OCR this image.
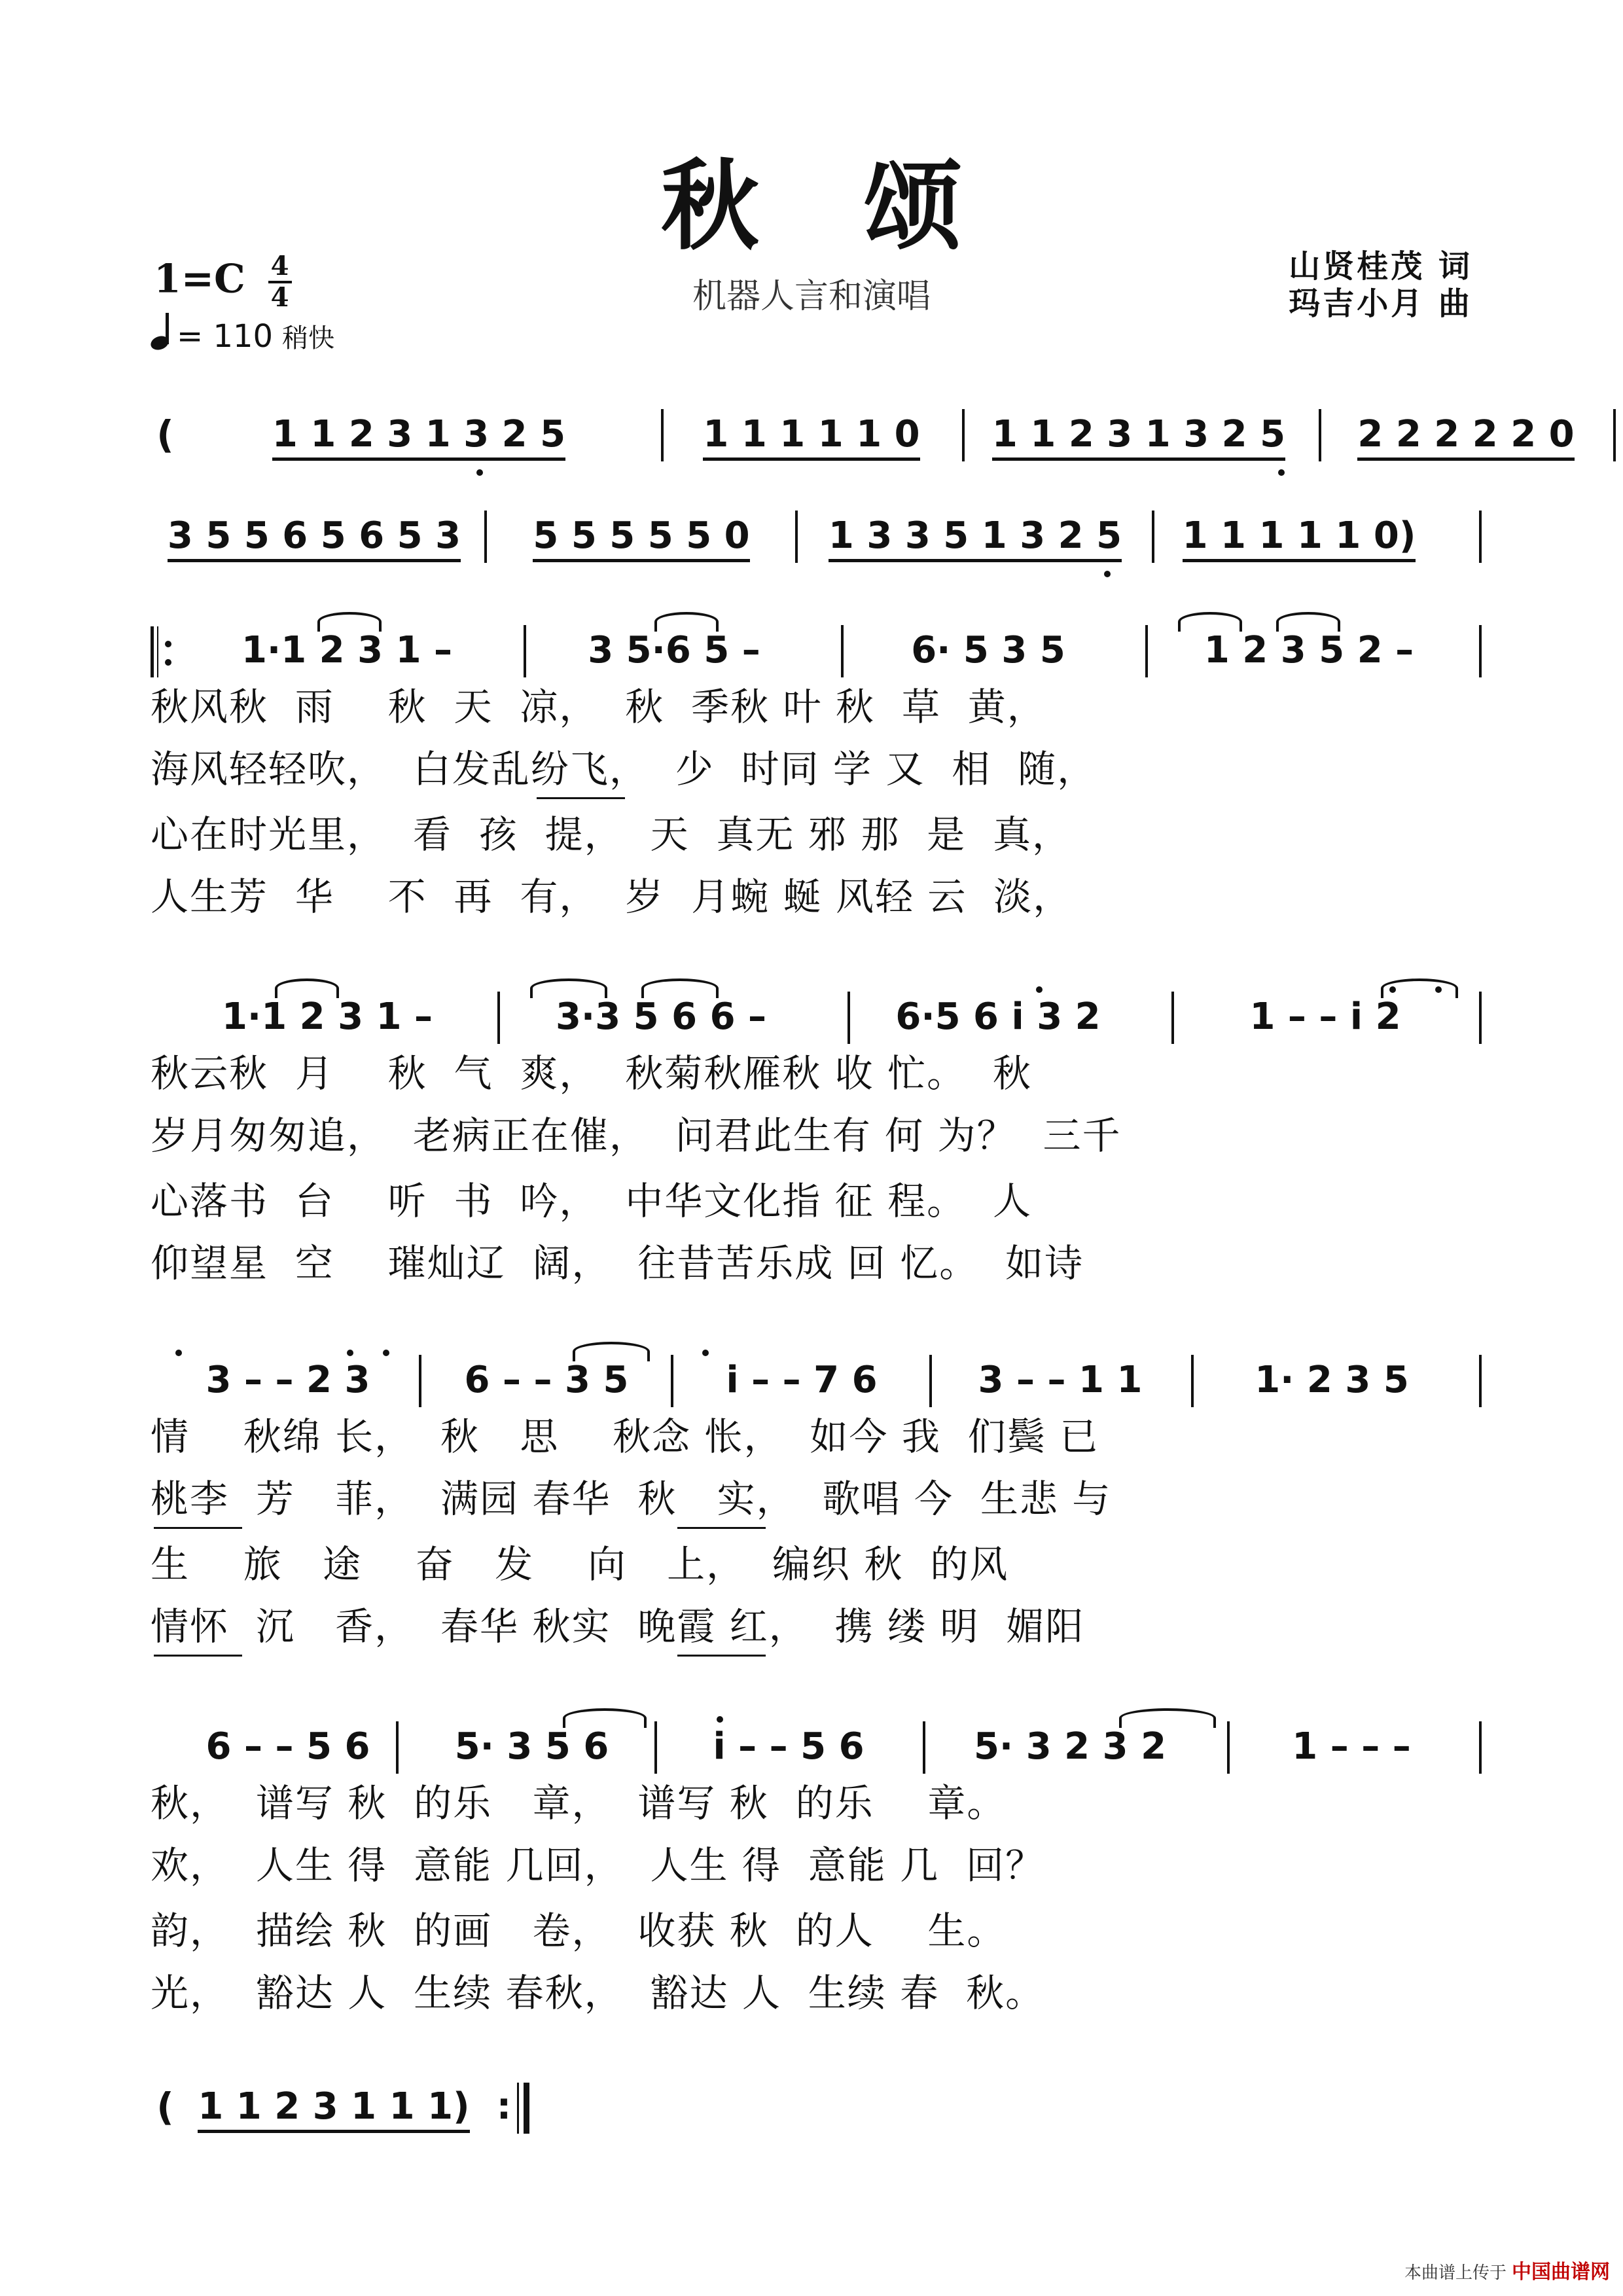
秋颂
机器人言和演唱
山贤桂茂 词
玛吉小月 曲
$1=C \frac{4}{4}$
= 110 稍快
(	1 1 2 3 1 3 2 5	1 1 1 1 1 0 1 1 2 3 1 3 2 5 2 2 2 2 2 0
3 5 5 6 5 6 5 3 5 5 5 5 5 0 1 3 3 5 1 3 2 5 1 1 1 1 1 0)
1·1 2 3 1 –	3 5·6 5 –	6· 5 3 5	1 2 3 5 2 –
秋风秋  雨    秋  天  凉，  秋  季秋 叶 秋  草  黄，
海风轻轻吹，  白发乱纷飞，  少  时同 学 又  相  随，
心在时光里，  看  孩  提，  天  真无 邪 那  是  真，
人生芳  华    不  再  有，  岁  月蜿 蜒 风轻 云  淡，
1·1 2 3 1 –	3·3 5 6 6 –	6·5 6 i 3 2	1 – – i 2
秋云秋  月    秋  气  爽，  秋菊秋雁秋 收 忙。  秋
岁月匆匆追，  老病正在催，  问君此生有 何 为？  三千
心落书  台    听  书  吟，  中华文化指 征 程。  人
仰望星  空    璀灿辽  阔，  往昔苦乐成 回 忆。  如诗
3 – – 2 3	6 – – 3 5	i – – 7 6	3 – – 1 1	1· 2 3 5
情    秋绵 长，  秋   思    秋念 怅，  如今 我  们鬓 已
桃李  芳   菲，  满园 春华  秋   实，  歌唱 今  生悲 与
生    旅   途    奋   发    向   上，  编织 秋  的风
情怀  沉   香，  春华 秋实  晚霞 红，  携 缕 明  媚阳
6 – – 5 6 5· 3 5 6	i – – 5 6	5· 3 2 3 2	1 – – –
秋，  谱写 秋  的乐   章，  谱写 秋  的乐    章。
欢，  人生 得  意能 几回，  人生 得  意能 几  回？
韵，  描绘 秋  的画   卷，  收获 秋  的人    生。
光，  豁达 人  生续 春秋，  豁达 人  生续 春  秋。
( 1 1 2 3 1 1 1) :
本曲谱上传于 中国曲谱网
